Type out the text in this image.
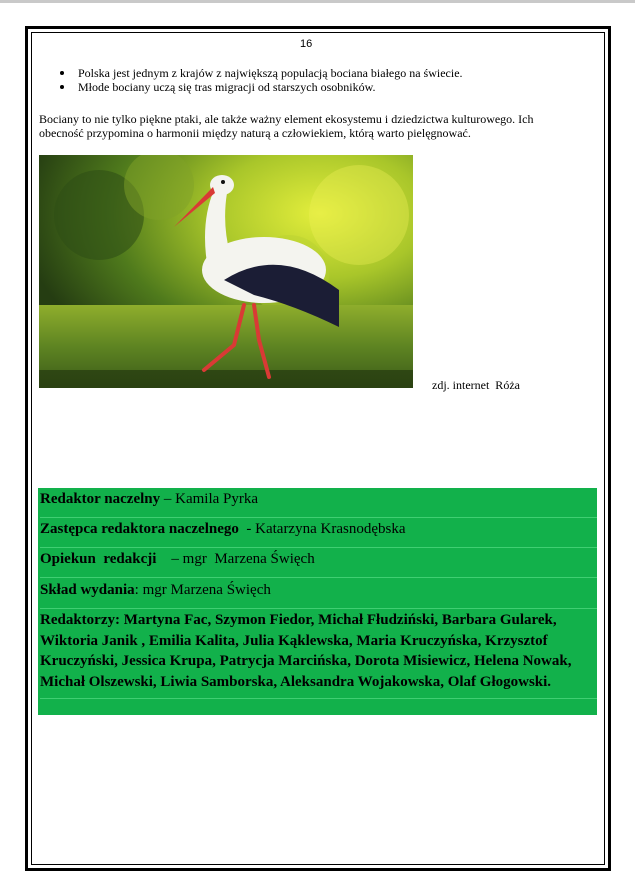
16
Polska jest jednym z krajów z największą populacją bociana białego na świecie.
Młode bociany uczą się tras migracji od starszych osobników.
Bociany to nie tylko piękne ptaki, ale także ważny element ekosystemu i dziedzictwa kulturowego. Ich obecność przypomina o harmonii między naturą a człowiekiem, którą warto pielęgnować.
zdj. internet  Róża
Redaktor naczelny – Kamila Pyrka
Zastępca redaktora naczelnego  - Katarzyna Krasnodębska
Opiekun  redakcji    – mgr  Marzena Święch
Skład wydania: mgr Marzena Święch
Redaktorzy: Martyna Fac, Szymon Fiedor, Michał Fłudziński, Barbara Gularek, Wiktoria Janik , Emilia Kalita, Julia Kąklewska, Maria Kruczyńska, Krzysztof Kruczyński, Jessica Krupa, Patrycja Marcińska, Dorota Misiewicz, Helena Nowak, Michał Olszewski, Liwia Samborska, Aleksandra Wojakowska, Olaf Głogowski.
